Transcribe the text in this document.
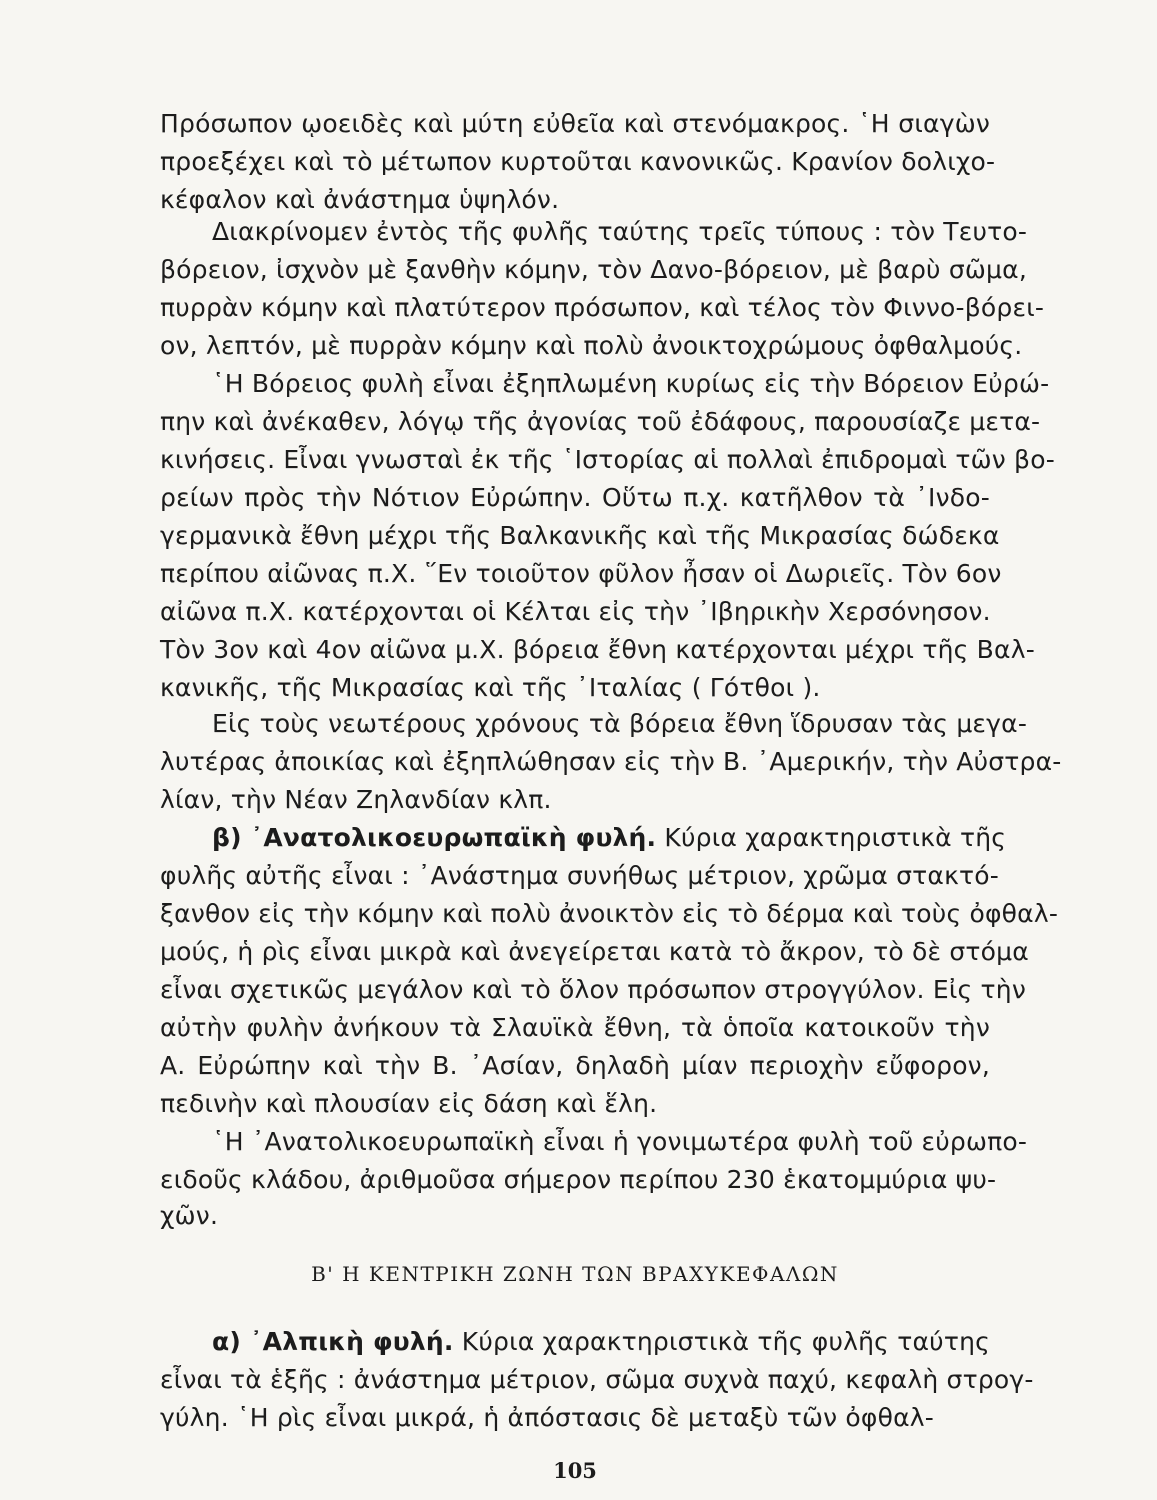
Πρόσωπον ῳοειδὲς καὶ μύτη εὐθεῖα καὶ στενόμακρος. ῾Η σιαγὼν
προεξέχει καὶ τὸ μέτωπον κυρτοῦται κανονικῶς. Κρανίον δολιχο-
κέφαλον καὶ ἀνάστημα ὑψηλόν.
Διακρίνομεν ἐντὸς τῆς φυλῆς ταύτης τρεῖς τύπους : τὸν Τευτο-
βόρειον, ἰσχνὸν μὲ ξανθὴν κόμην, τὸν Δανο-βόρειον, μὲ βαρὺ σῶμα,
πυρρὰν κόμην καὶ πλατύτερον πρόσωπον, καὶ τέλος τὸν Φιννο-βόρει-
ον, λεπτόν, μὲ πυρρὰν κόμην καὶ πολὺ ἀνοικτοχρώμους ὀφθαλμούς.
῾Η Βόρειος φυλὴ εἶναι ἐξηπλωμένη κυρίως εἰς τὴν Βόρειον Εὐρώ-
πην καὶ ἀνέκαθεν, λόγῳ τῆς ἀγονίας τοῦ ἐδάφους, παρουσίαζε μετα-
κινήσεις. Εἶναι γνωσταὶ ἐκ τῆς ῾Ιστορίας αἱ πολλαὶ ἐπιδρομαὶ τῶν βο-
ρείων πρὸς τὴν Νότιον Εὐρώπην. Οὕτω π.χ. κατῆλθον τὰ ᾿Ινδο-
γερμανικὰ ἔθνη μέχρι τῆς Βαλκανικῆς καὶ τῆς Μικρασίας δώδεκα
περίπου αἰῶνας π.Χ. ῞Εν τοιοῦτον φῦλον ἦσαν οἱ Δωριεῖς. Τὸν 6ον
αἰῶνα π.Χ. κατέρχονται οἱ Κέλται εἰς τὴν ᾿Ιβηρικὴν Χερσόνησον.
Τὸν 3ον καὶ 4ον αἰῶνα μ.Χ. βόρεια ἔθνη κατέρχονται μέχρι τῆς Βαλ-
κανικῆς, τῆς Μικρασίας καὶ τῆς ᾿Ιταλίας ( Γότθοι ).
Εἰς τοὺς νεωτέρους χρόνους τὰ βόρεια ἔθνη ἵδρυσαν τὰς μεγα-
λυτέρας ἀποικίας καὶ ἐξηπλώθησαν εἰς τὴν Β. ᾿Αμερικήν, τὴν Αὐστρα-
λίαν, τὴν Νέαν Ζηλανδίαν κλπ.
β) ᾿Ανατολικοευρωπαϊκὴ φυλή. Κύρια χαρακτηριστικὰ τῆς
φυλῆς αὐτῆς εἶναι : ᾿Ανάστημα συνήθως μέτριον, χρῶμα στακτό-
ξανθον εἰς τὴν κόμην καὶ πολὺ ἀνοικτὸν εἰς τὸ δέρμα καὶ τοὺς ὀφθαλ-
μούς, ἡ ρὶς εἶναι μικρὰ καὶ ἀνεγείρεται κατὰ τὸ ἄκρον, τὸ δὲ στόμα
εἶναι σχετικῶς μεγάλον καὶ τὸ ὅλον πρόσωπον στρογγύλον. Εἰς τὴν
αὐτὴν φυλὴν ἀνήκουν τὰ Σλαυϊκὰ ἔθνη, τὰ ὁποῖα κατοικοῦν τὴν
Α. Εὐρώπην καὶ τὴν Β. ᾿Ασίαν, δηλαδὴ μίαν περιοχὴν εὔφορον,
πεδινὴν καὶ πλουσίαν εἰς δάση καὶ ἕλη.
῾Η ᾿Ανατολικοευρωπαϊκὴ εἶναι ἡ γονιμωτέρα φυλὴ τοῦ εὐρωπο-
Β' Η ΚΕΝΤΡΙΚΗ ΖΩΝΗ ΤΩΝ ΒΡΑΧΥΚΕΦΑΛΩΝ
α) ᾿Αλπικὴ φυλή. Κύρια χαρακτηριστικὰ τῆς φυλῆς ταύτης
105
ειδοῦς κλάδου, ἀριθμοῦσα σήμερον περίπου 230 ἑκατομμύρια ψυ-
εἶναι τὰ ἑξῆς : ἀνάστημα μέτριον, σῶμα συχνὰ παχύ, κεφαλὴ στρογ-
χῶν.
γύλη. ῾Η ρὶς εἶναι μικρά, ἡ ἀπόστασις δὲ μεταξὺ τῶν ὀφθαλ-
